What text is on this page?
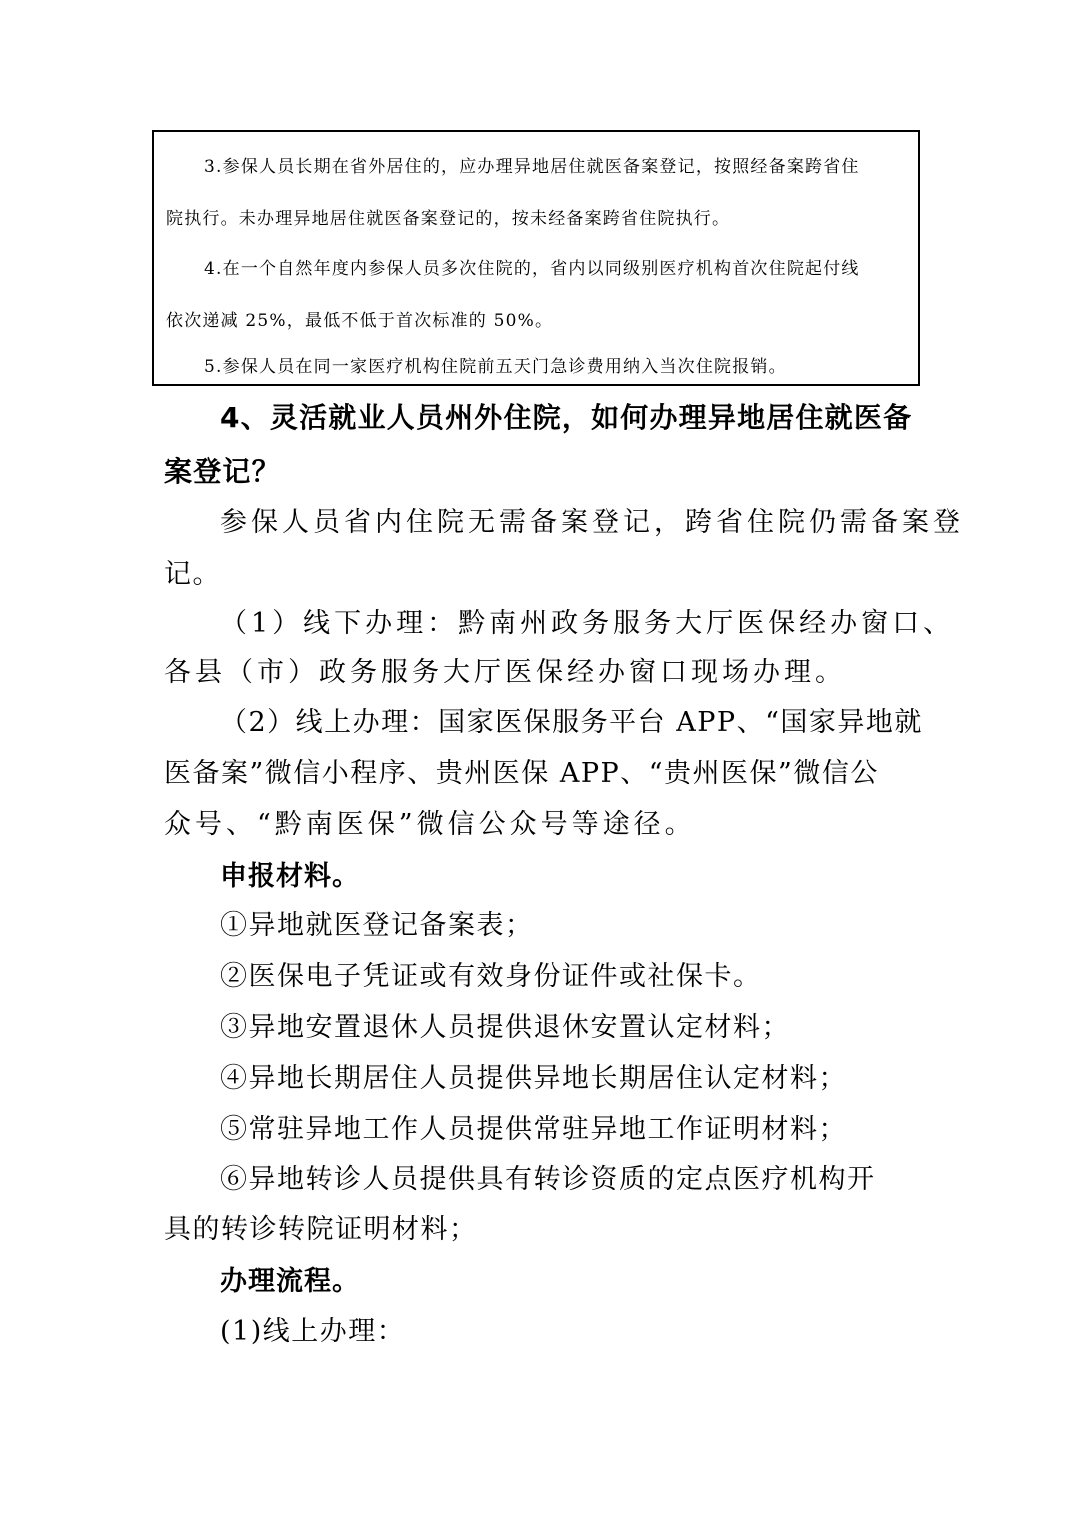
3.参保人员长期在省外居住的，应办理异地居住就医备案登记，按照经备案跨省住
院执行。未办理异地居住就医备案登记的，按未经备案跨省住院执行。
4.在一个自然年度内参保人员多次住院的，省内以同级别医疗机构首次住院起付线
依次递减 25%，最低不低于首次标准的 50%。
5.参保人员在同一家医疗机构住院前五天门急诊费用纳入当次住院报销。
4、灵活就业人员州外住院，如何办理异地居住就医备
案登记？
参保人员省内住院无需备案登记，跨省住院仍需备案登
记。
（1）线下办理：黔南州政务服务大厅医保经办窗口、
各县（市）政务服务大厅医保经办窗口现场办理。
（2）线上办理：国家医保服务平台 APP、“国家异地就
医备案”微信小程序、贵州医保 APP、“贵州医保”微信公
众号、“黔南医保”微信公众号等途径。
申报材料。
①异地就医登记备案表；
②医保电子凭证或有效身份证件或社保卡。
③异地安置退休人员提供退休安置认定材料；
④异地长期居住人员提供异地长期居住认定材料；
⑤常驻异地工作人员提供常驻异地工作证明材料；
⑥异地转诊人员提供具有转诊资质的定点医疗机构开
具的转诊转院证明材料；
办理流程。
(1)线上办理：
